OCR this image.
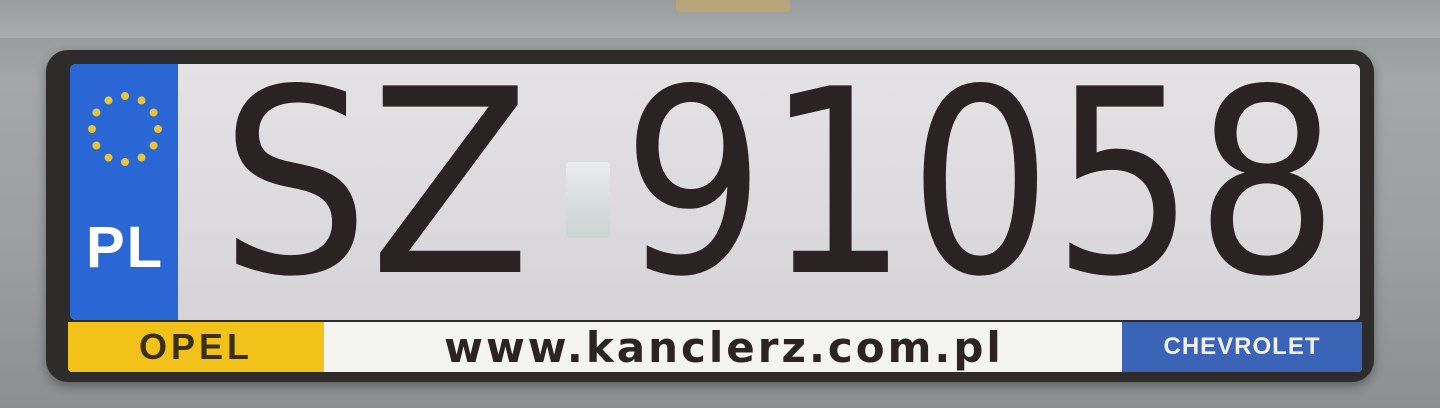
PL SZ 91058
OPEL	www.kanclerz.com.pl	CHEVROLET
